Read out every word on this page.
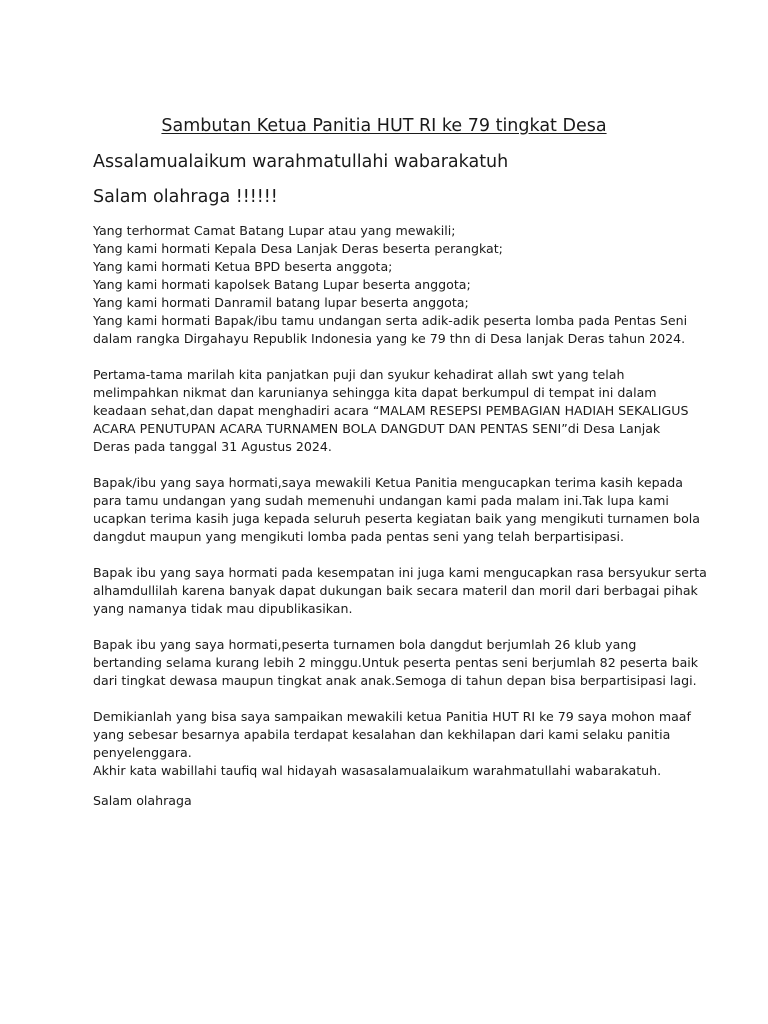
Sambutan Ketua Panitia HUT RI ke 79 tingkat Desa
Assalamualaikum warahmatullahi wabarakatuh
Salam olahraga !!!!!!
Yang terhormat Camat Batang Lupar atau yang mewakili;
Yang kami hormati Kepala Desa Lanjak Deras beserta perangkat;
Yang kami hormati Ketua BPD beserta anggota;
Yang kami hormati kapolsek Batang Lupar beserta anggota;
Yang kami hormati Danramil batang lupar beserta anggota;
Yang kami hormati Bapak/ibu tamu undangan serta adik-adik peserta lomba pada Pentas Seni
dalam rangka Dirgahayu Republik Indonesia yang ke 79 thn di Desa lanjak Deras tahun 2024.
Pertama-tama marilah kita panjatkan puji dan syukur kehadirat allah swt yang telah
melimpahkan nikmat dan karunianya sehingga kita dapat berkumpul di tempat ini dalam
keadaan sehat,dan dapat menghadiri acara “MALAM RESEPSI PEMBAGIAN HADIAH SEKALIGUS
ACARA PENUTUPAN ACARA TURNAMEN BOLA DANGDUT DAN PENTAS SENI”di Desa Lanjak
Deras pada tanggal 31 Agustus 2024.
Bapak/ibu yang saya hormati,saya mewakili Ketua Panitia mengucapkan terima kasih kepada
para tamu undangan yang sudah memenuhi undangan kami pada malam ini.Tak lupa kami
ucapkan terima kasih juga kepada seluruh peserta kegiatan baik yang mengikuti turnamen bola
dangdut maupun yang mengikuti lomba pada pentas seni yang telah berpartisipasi.
Bapak ibu yang saya hormati pada kesempatan ini juga kami mengucapkan rasa bersyukur serta
alhamdullilah karena banyak dapat dukungan baik secara materil dan moril dari berbagai pihak
yang namanya tidak mau dipublikasikan.
Bapak ibu yang saya hormati,peserta turnamen bola dangdut berjumlah 26 klub yang
bertanding selama kurang lebih 2 minggu.Untuk peserta pentas seni berjumlah 82 peserta baik
dari tingkat dewasa maupun tingkat anak anak.Semoga di tahun depan bisa berpartisipasi lagi.
Demikianlah yang bisa saya sampaikan mewakili ketua Panitia HUT RI ke 79 saya mohon maaf
yang sebesar besarnya apabila terdapat kesalahan dan kekhilapan dari kami selaku panitia
penyelenggara.
Akhir kata wabillahi taufiq wal hidayah wasasalamualaikum warahmatullahi wabarakatuh.
Salam olahraga
